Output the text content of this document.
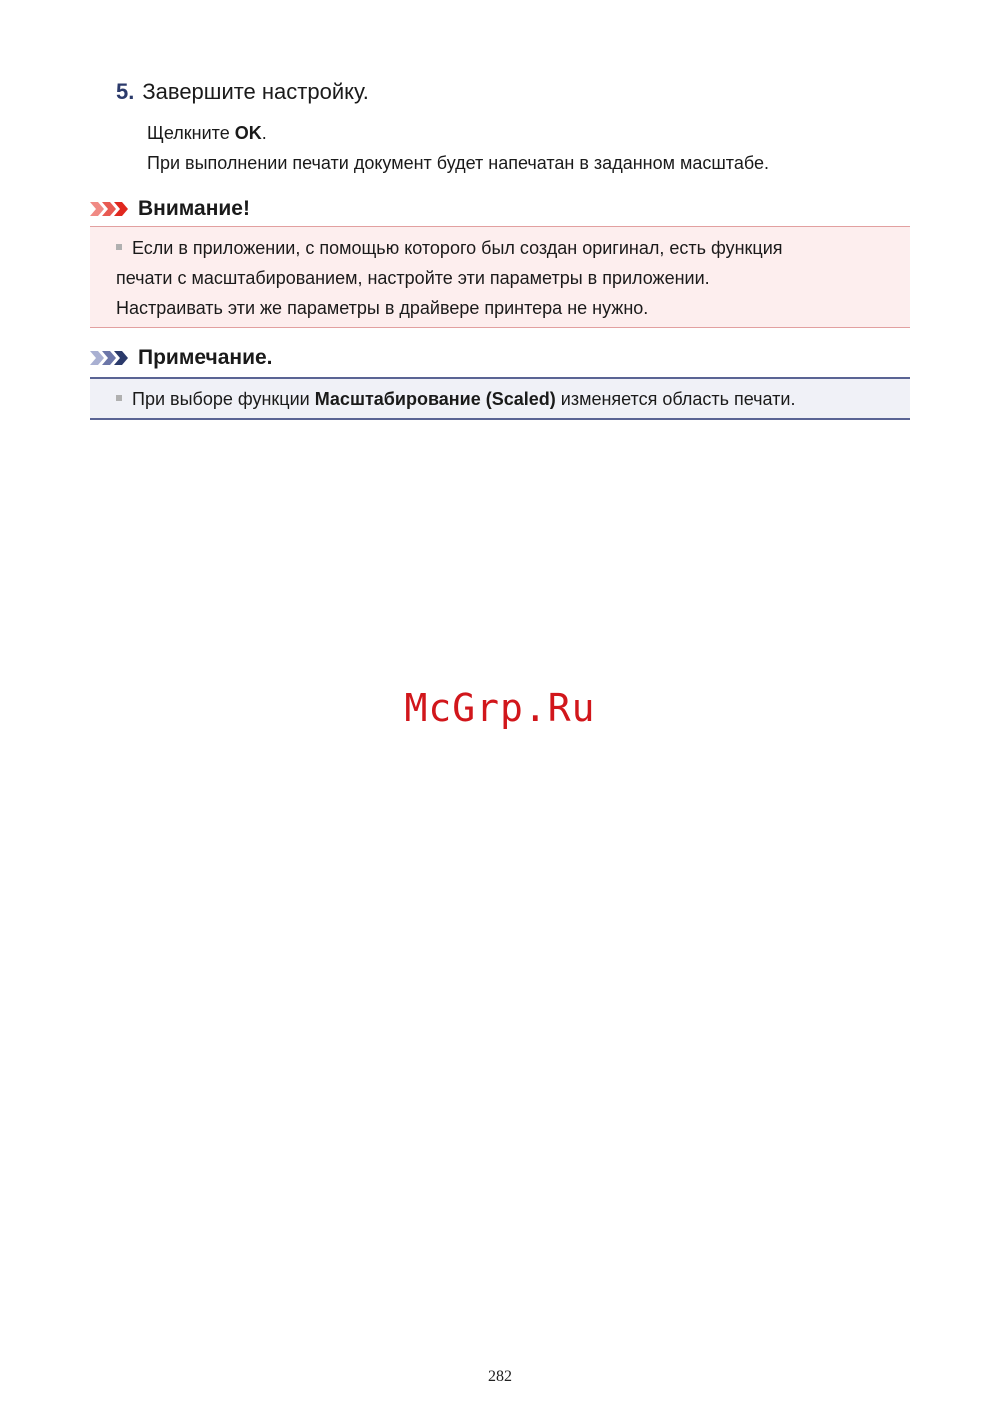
5. Завершите настройку.

Щелкните OK.

При выполнении печати документ будет напечатан в заданном масштабе.

Внимание!
Если в приложении, с помощью которого был создан оригинал, есть функция
печати с масштабированием, настройте эти параметры в приложении.
Настраивать эти же параметры в драйвере принтера не нужно.
Примечание.
При выборе функции Масштабирование (Scaled) изменяется область печати.
McGrp.Ru
282
